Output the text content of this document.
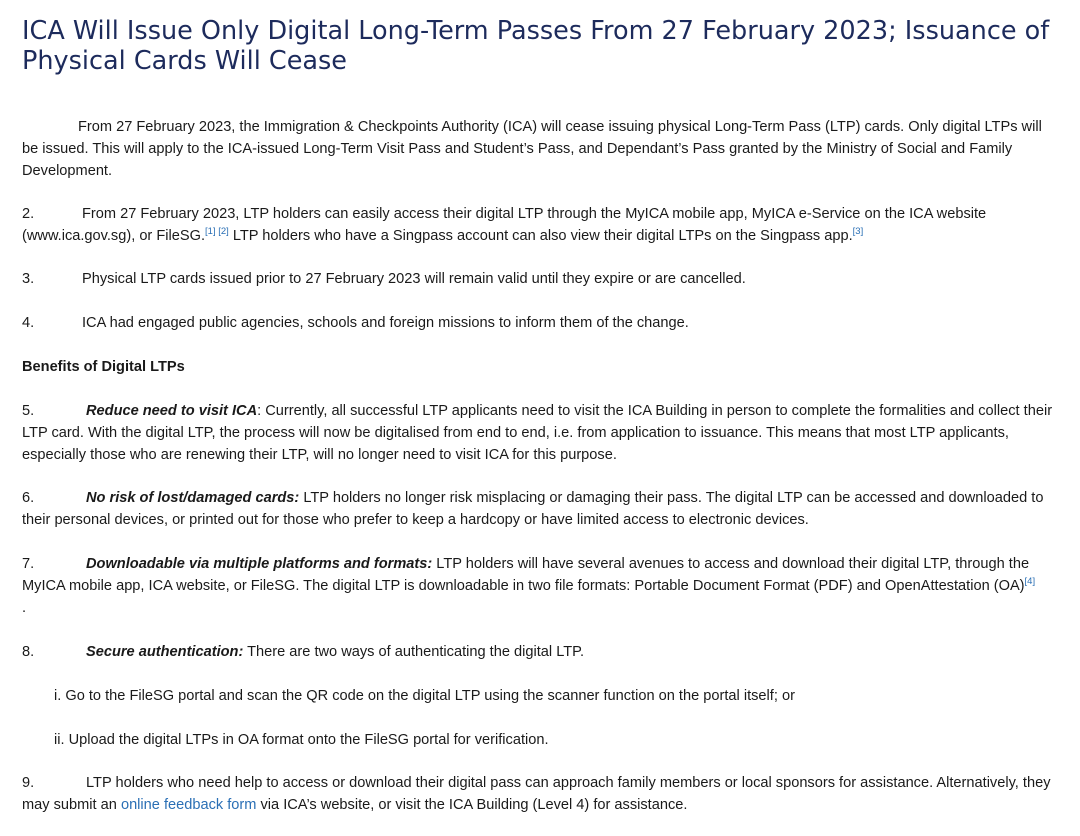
ICA Will Issue Only Digital Long-Term Passes From 27 February 2023; Issuance of Physical Cards Will Cease

From 27 February 2023, the Immigration & Checkpoints Authority (ICA) will cease issuing physical Long-Term Pass (LTP) cards. Only digital LTPs will be issued. This will apply to the ICA-issued Long-Term Visit Pass and Student’s Pass, and Dependant’s Pass granted by the Ministry of Social and Family Development.

2.	From 27 February 2023, LTP holders can easily access their digital LTP through the MyICA mobile app, MyICA e-Service on the ICA website (www.ica.gov.sg), or FileSG.[1] [2] LTP holders who have a Singpass account can also view their digital LTPs on the Singpass app.[3]

3.	Physical LTP cards issued prior to 27 February 2023 will remain valid until they expire or are cancelled.

4.	ICA had engaged public agencies, schools and foreign missions to inform them of the change.

Benefits of Digital LTPs

5.	Reduce need to visit ICA: Currently, all successful LTP applicants need to visit the ICA Building in person to complete the formalities and collect their LTP card. With the digital LTP, the process will now be digitalised from end to end, i.e. from application to issuance. This means that most LTP applicants, especially those who are renewing their LTP, will no longer need to visit ICA for this purpose.

6.	No risk of lost/damaged cards: LTP holders no longer risk misplacing or damaging their pass. The digital LTP can be accessed and downloaded to their personal devices, or printed out for those who prefer to keep a hardcopy or have limited access to electronic devices.

7.	Downloadable via multiple platforms and formats: LTP holders will have several avenues to access and download their digital LTP, through the MyICA mobile app, ICA website, or FileSG. The digital LTP is downloadable in two file formats: Portable Document Format (PDF) and OpenAttestation (OA)[4]
.

8.	Secure authentication: There are two ways of authenticating the digital LTP.

i. Go to the FileSG portal and scan the QR code on the digital LTP using the scanner function on the portal itself; or

ii. Upload the digital LTPs in OA format onto the FileSG portal for verification.

9.	LTP holders who need help to access or download their digital pass can approach family members or local sponsors for assistance. Alternatively, they may submit an online feedback form via ICA’s website, or visit the ICA Building (Level 4) for assistance.
